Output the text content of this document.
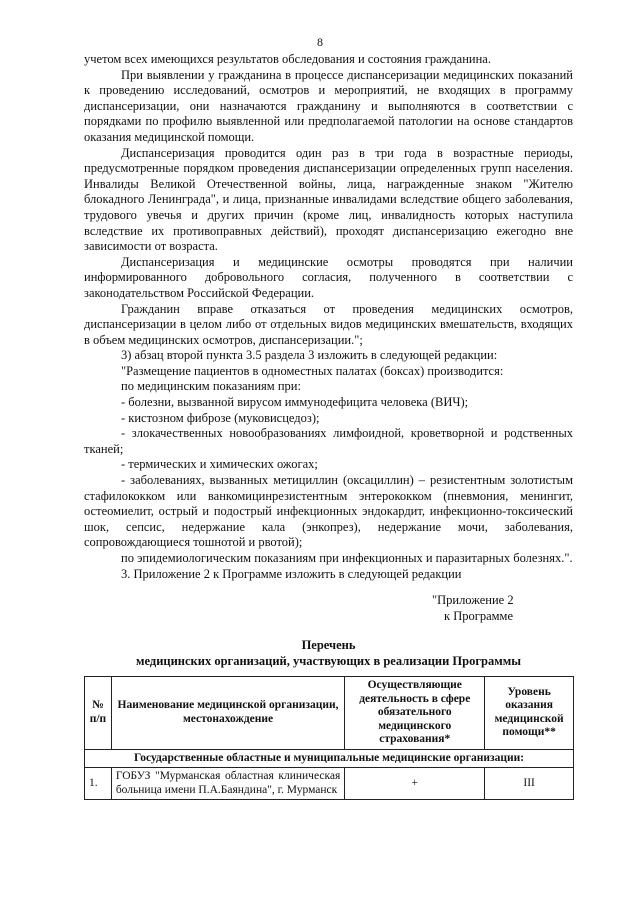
8

учетом всех имеющихся результатов обследования и состояния гражданина.

При выявлении у гражданина в процессе диспансеризации медицинских показаний к проведению исследований, осмотров и мероприятий, не входящих в программу диспансеризации, они назначаются гражданину и выполняются в соответствии с порядками по профилю выявленной или предполагаемой патологии на основе стандартов оказания медицинской помощи.

Диспансеризация проводится один раз в три года в возрастные периоды, предусмотренные порядком проведения диспансеризации определенных групп населения. Инвалиды Великой Отечественной войны, лица, награжденные знаком "Жителю блокадного Ленинграда", и лица, признанные инвалидами вследствие общего заболевания, трудового увечья и других причин (кроме лиц, инвалидность которых наступила вследствие их противоправных действий), проходят диспансеризацию ежегодно вне зависимости от возраста.

Диспансеризация и медицинские осмотры проводятся при наличии информированного добровольного согласия, полученного в соответствии с законодательством Российской Федерации.

Гражданин вправе отказаться от проведения медицинских осмотров, диспансеризации в целом либо от отдельных видов медицинских вмешательств, входящих в объем медицинских осмотров, диспансеризации.";

3) абзац второй пункта 3.5 раздела 3 изложить в следующей редакции:

"Размещение пациентов в одноместных палатах (боксах) производится:

по медицинским показаниям при:

- болезни, вызванной вирусом иммунодефицита человека (ВИЧ);

- кистозном фиброзе (муковисцедоз);

- злокачественных новообразованиях лимфоидной, кроветворной и родственных тканей;

- термических и химических ожогах;

- заболеваниях, вызванных метициллин (оксациллин) – резистентным золотистым стафилококком или ванкомицинрезистентным энтерококком (пневмония, менингит, остеомиелит, острый и подострый инфекционных эндокардит, инфекционно-токсический шок, сепсис, недержание кала (энкопрез), недержание мочи, заболевания, сопровождающиеся тошнотой и рвотой);

по эпидемиологическим показаниям при инфекционных и паразитарных болезнях.".

3. Приложение 2 к Программе изложить в следующей редакции

"Приложение 2
к Программе
Перечень
медицинских организаций, участвующих в реализации Программы
№ п/п	Наименование медицинской организации, местонахождение	Осуществляющие деятельность в сфере обязательного медицинского страхования*	Уровень оказания медицинской помощи**
Государственные областные и муниципальные медицинские организации:			
1.	ГОБУЗ "Мурманская областная клиническая больница имени П.А.Баяндина", г. Мурманск	+	III
